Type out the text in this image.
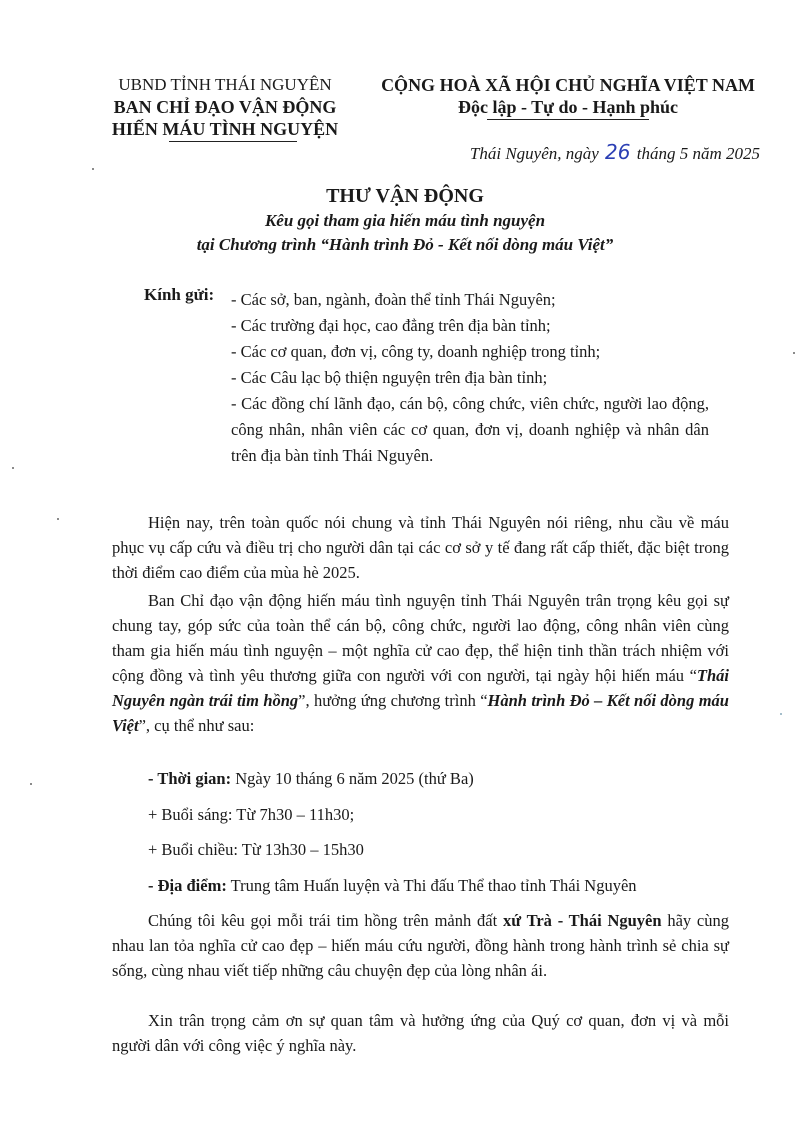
UBND TỈNH THÁI NGUYÊN
BAN CHỈ ĐẠO VẬN ĐỘNG
HIẾN MÁU TÌNH NGUYỆN
CỘNG HOÀ XÃ HỘI CHỦ NGHĨA VIỆT NAM
Độc lập - Tự do - Hạnh phúc
Thái Nguyên, ngày 26 tháng 5 năm 2025
THƯ VẬN ĐỘNG
Kêu gọi tham gia hiến máu tình nguyện
tại Chương trình “Hành trình Đỏ - Kết nối dòng máu Việt”
Kính gửi: - Các sở, ban, ngành, đoàn thể tỉnh Thái Nguyên;

- Các trường đại học, cao đẳng trên địa bàn tỉnh;

- Các cơ quan, đơn vị, công ty, doanh nghiệp trong tỉnh;

- Các Câu lạc bộ thiện nguyện trên địa bàn tỉnh;

- Các đồng chí lãnh đạo, cán bộ, công chức, viên chức, người lao động, công nhân, nhân viên các cơ quan, đơn vị, doanh nghiệp và nhân dân trên địa bàn tỉnh Thái Nguyên.

Hiện nay, trên toàn quốc nói chung và tỉnh Thái Nguyên nói riêng, nhu cầu về máu phục vụ cấp cứu và điều trị cho người dân tại các cơ sở y tế đang rất cấp thiết, đặc biệt trong thời điểm cao điểm của mùa hè 2025.
Ban Chỉ đạo vận động hiến máu tình nguyện tỉnh Thái Nguyên trân trọng kêu gọi sự chung tay, góp sức của toàn thể cán bộ, công chức, người lao động, công nhân viên cùng tham gia hiến máu tình nguyện – một nghĩa cử cao đẹp, thể hiện tinh thần trách nhiệm với cộng đồng và tình yêu thương giữa con người với con người, tại ngày hội hiến máu “Thái Nguyên ngàn trái tim hồng”, hưởng ứng chương trình “Hành trình Đỏ – Kết nối dòng máu Việt”, cụ thể như sau:
- Thời gian: Ngày 10 tháng 6 năm 2025 (thứ Ba)
+ Buổi sáng: Từ 7h30 – 11h30;
+ Buổi chiều: Từ 13h30 – 15h30
- Địa điểm: Trung tâm Huấn luyện và Thi đấu Thể thao tỉnh Thái Nguyên
Chúng tôi kêu gọi mỗi trái tim hồng trên mảnh đất xứ Trà - Thái Nguyên hãy cùng nhau lan tỏa nghĩa cử cao đẹp – hiến máu cứu người, đồng hành trong hành trình sẻ chia sự sống, cùng nhau viết tiếp những câu chuyện đẹp của lòng nhân ái.
Xin trân trọng cảm ơn sự quan tâm và hưởng ứng của Quý cơ quan, đơn vị và mỗi người dân với công việc ý nghĩa này.
